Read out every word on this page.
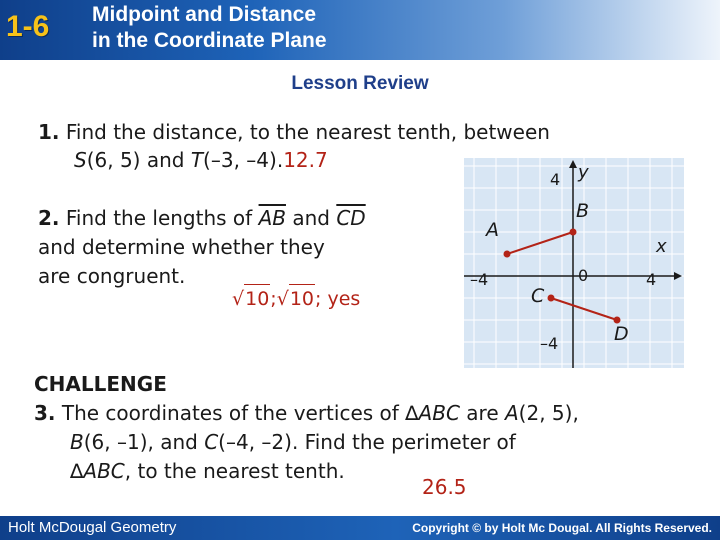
1-6 Midpoint and Distance
in the Coordinate Plane
Lesson Review
1. Find the distance, to the nearest tenth, between
S(6, 5) and T(–3, –4).12.7
2. Find the lengths of $\overline{AB}$ and $\overline{CD}$
and determine whether they
are congruent.
√10;√10; yes
y
x
4
–4
–4	4
0
A
B
C
D
CHALLENGE
3. The coordinates of the vertices of ∆ABC are A(2, 5),
B(6, –1), and C(–4, –2). Find the perimeter of
∆ABC, to the nearest tenth.
26.5
Holt McDougal Geometry	Copyright © by Holt Mc Dougal. All Rights Reserved.
